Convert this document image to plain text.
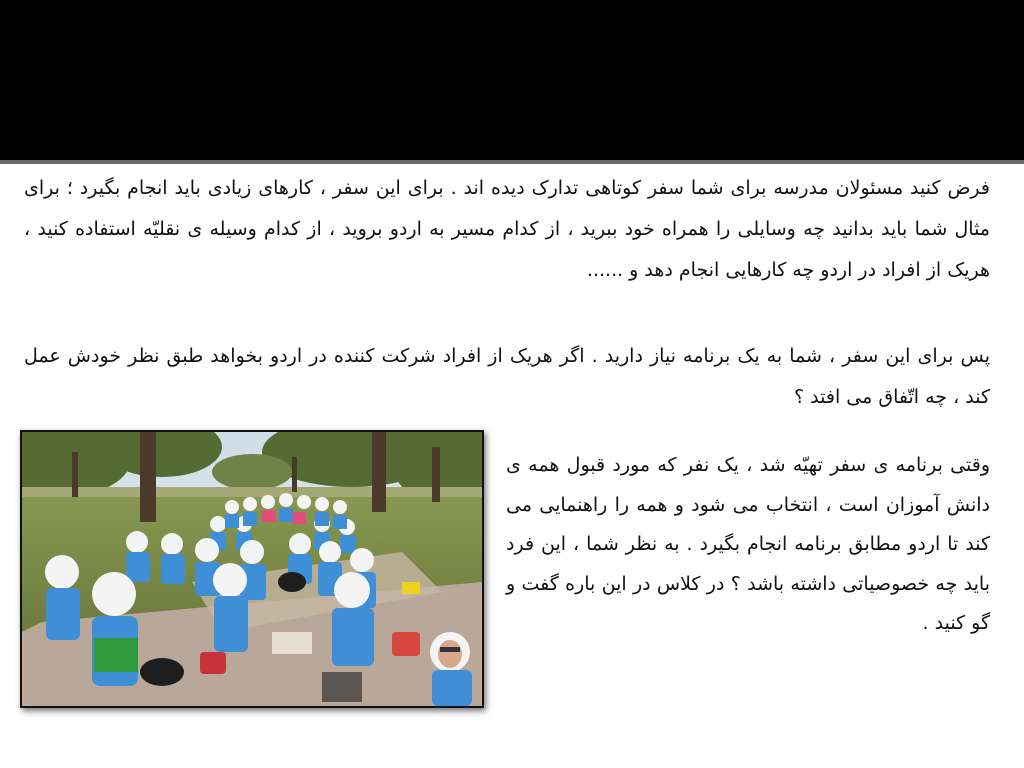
فرض کنید مسئولان مدرسه برای شما سفر کوتاهی تدارک دیده اند . برای این سفر ، کارهای زیادی باید انجام بگیرد ؛ برای مثال شما باید بدانید چه وسایلی را همراه خود ببرید ، از کدام مسیر به اردو بروید ، از کدام وسیله ی نقلیّه استفاده کنید ، هریک از افراد در اردو چه کارهایی انجام دهد و ......

پس برای این سفر ، شما به یک برنامه نیاز دارید . اگر هریک از افراد شرکت کننده در اردو بخواهد طبق نظر خودش عمل کند ، چه اتّفاق می افتد ؟

وقتی برنامه ی سفر تهیّه شد ، یک نفر که مورد قبول همه ی دانش آموزان است ، انتخاب می شود و همه را راهنمایی می کند تا اردو مطابق برنامه انجام بگیرد . به نظر شما ، این فرد باید چه خصوصیاتی داشته باشد ؟ در کلاس در این باره گفت و گو کنید .
